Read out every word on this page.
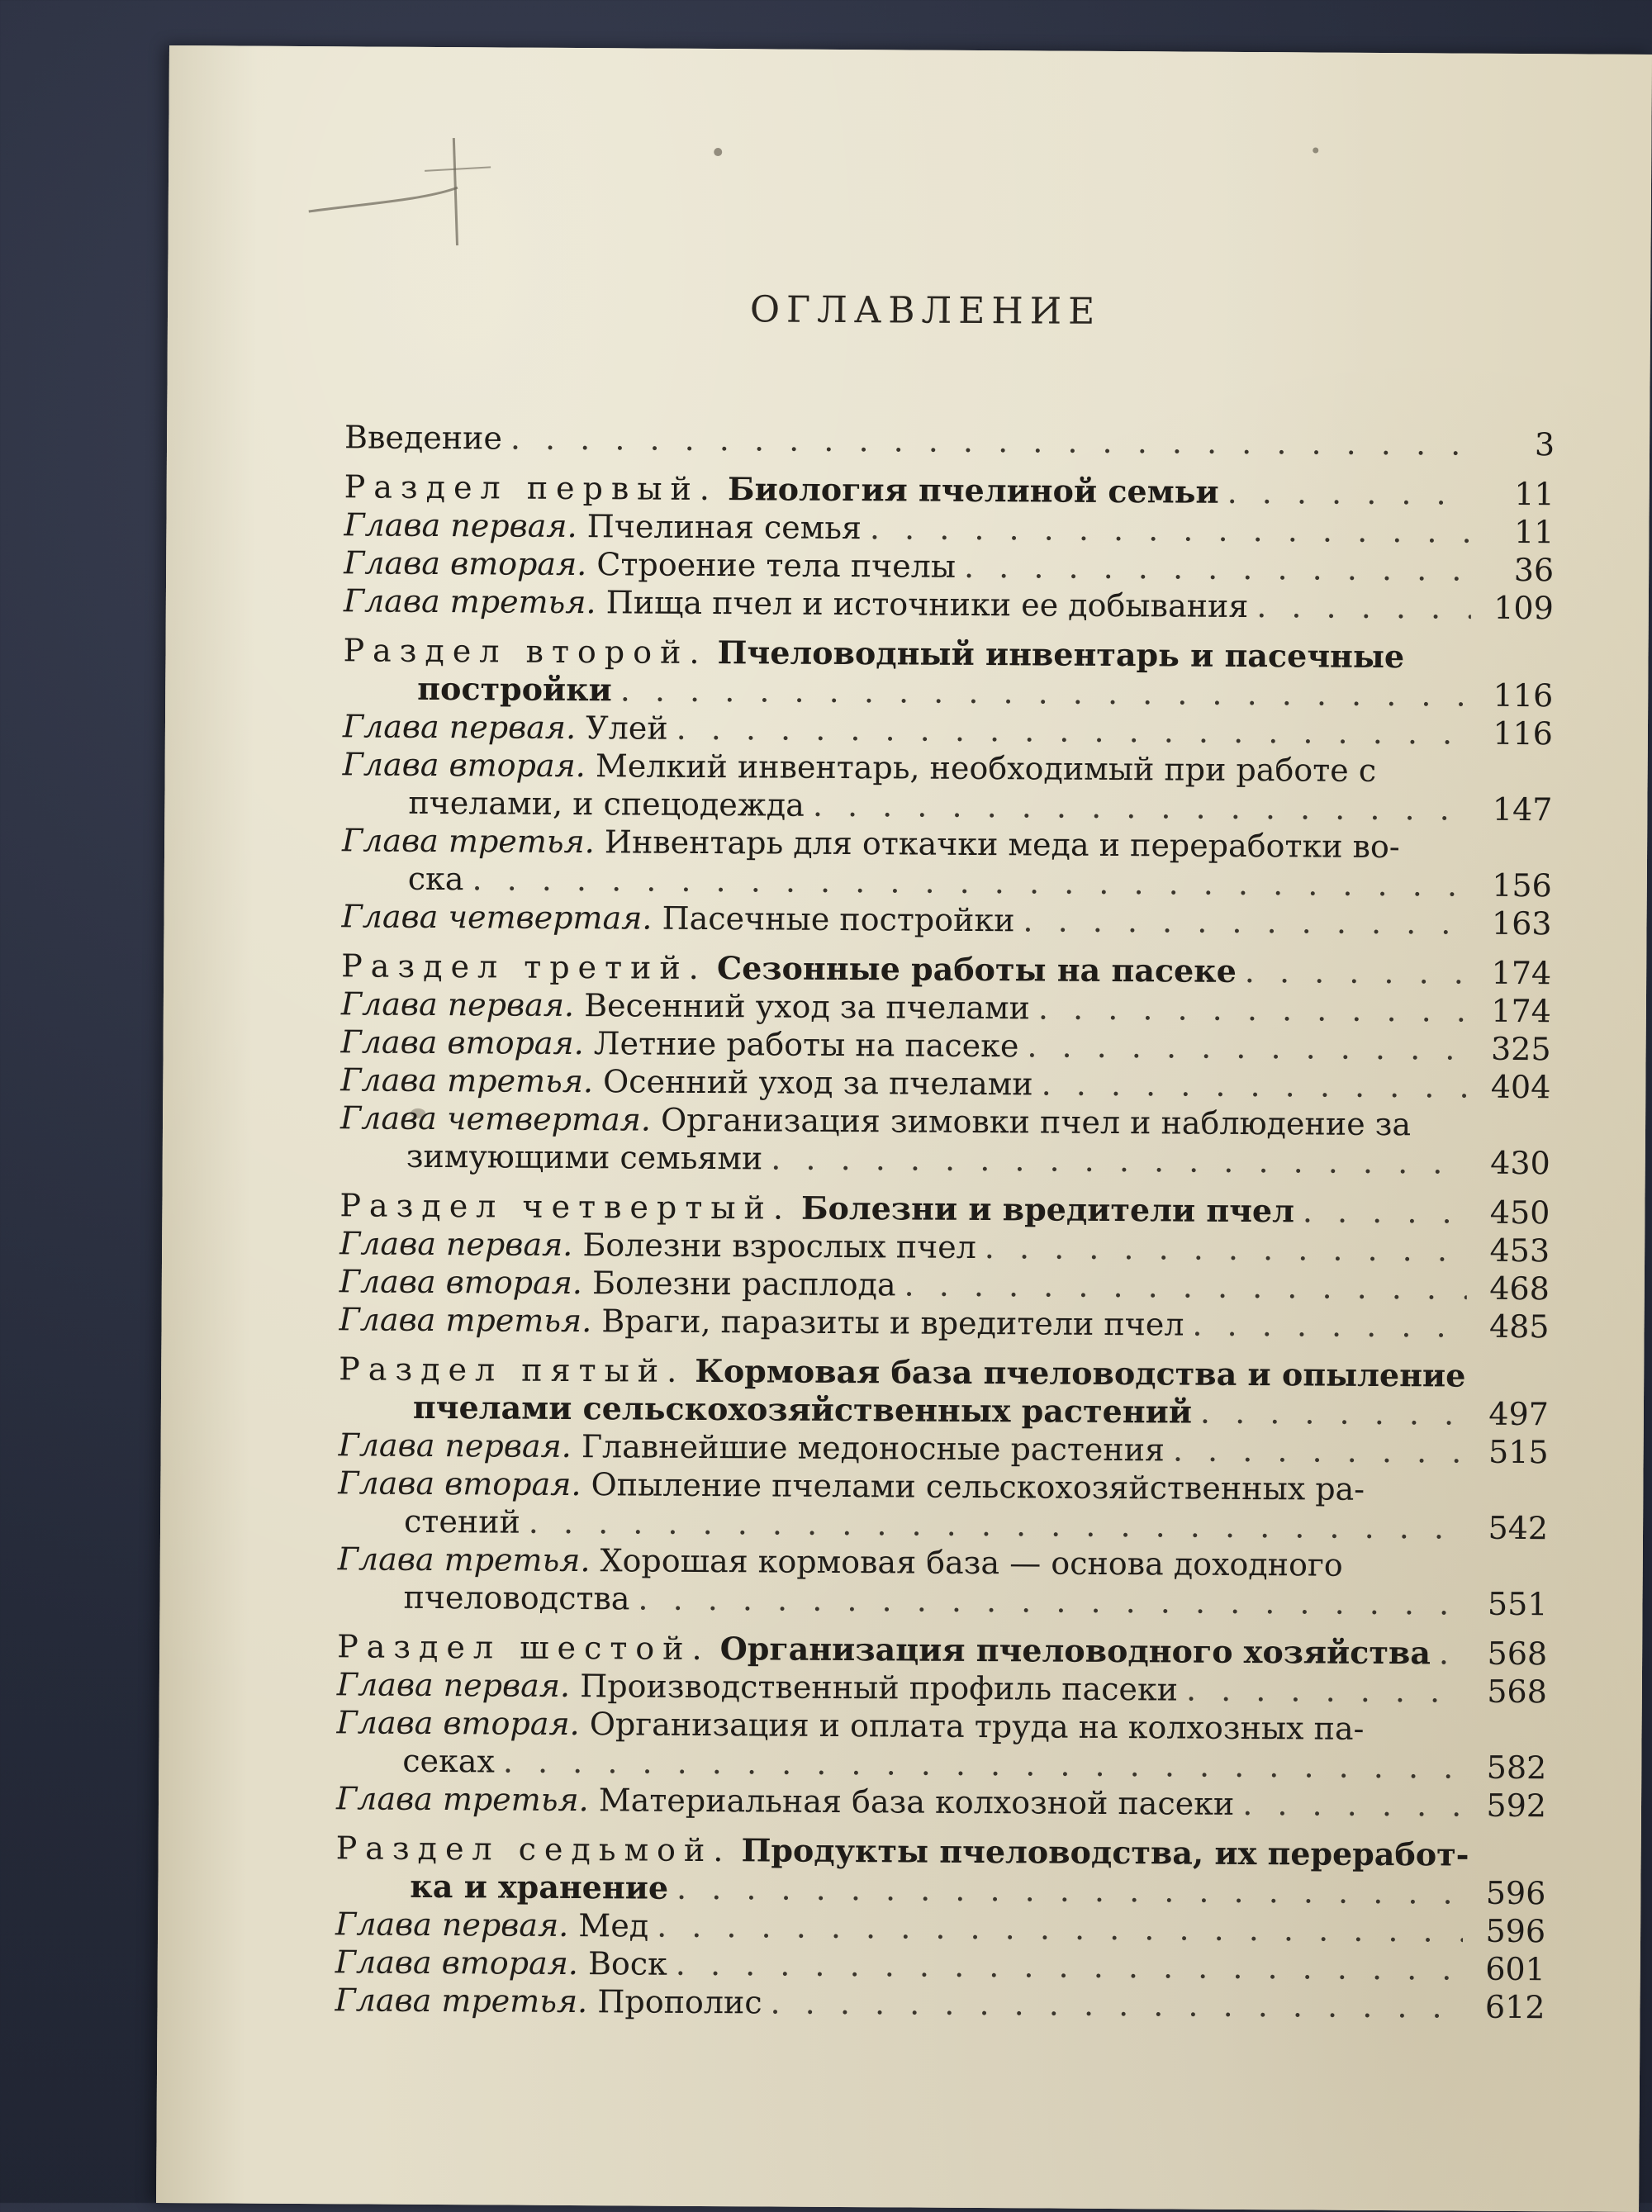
ОГЛАВЛЕНИЕ
Введение . . .	3
Раздел первый. Биология пчелиной семьи . . .	11
Глава первая. Пчелиная семья . . .	11
Глава вторая. Строение тела пчелы . . .	36
Глава третья. Пища пчел и источники ее добывания . . .	109
Раздел второй. Пчеловодный инвентарь и пасечные
постройки . . .	116
Глава первая. Улей . . .	116
Глава вторая. Мелкий инвентарь, необходимый при работе с
пчелами, и спецодежда . . .	147
Глава третья. Инвентарь для откачки меда и переработки во-
ска . . .	156
Глава четвертая. Пасечные постройки . . .	163
Раздел третий. Сезонные работы на пасеке . . .	174
Глава первая. Весенний уход за пчелами . . .	174
Глава вторая. Летние работы на пасеке . . .	325
Глава третья. Осенний уход за пчелами . . .	404
Глава четвертая. Организация зимовки пчел и наблюдение за
зимующими семьями . . .	430
Раздел четвертый. Болезни и вредители пчел . . .	450
Глава первая. Болезни взрослых пчел . . .	453
Глава вторая. Болезни расплода . . .	468
Глава третья. Враги, паразиты и вредители пчел . . .	485
Раздел пятый. Кормовая база пчеловодства и опыление
пчелами сельскохозяйственных растений . . .	497
Глава первая. Главнейшие медоносные растения . . .	515
Глава вторая. Опыление пчелами сельскохозяйственных ра-
стений . . .	542
Глава третья. Хорошая кормовая база — основа доходного
пчеловодства . . .	551
Раздел шестой. Организация пчеловодного хозяйства . . .	568
Глава первая. Производственный профиль пасеки . . .	568
Глава вторая. Организация и оплата труда на колхозных па-
секах . . .	582
Глава третья. Материальная база колхозной пасеки . . .	592
Раздел седьмой. Продукты пчеловодства, их переработ-
ка и хранение . . .	596
Глава первая. Мед . . .	596
Глава вторая. Воск . . .	601
Глава третья. Прополис . . .	612
